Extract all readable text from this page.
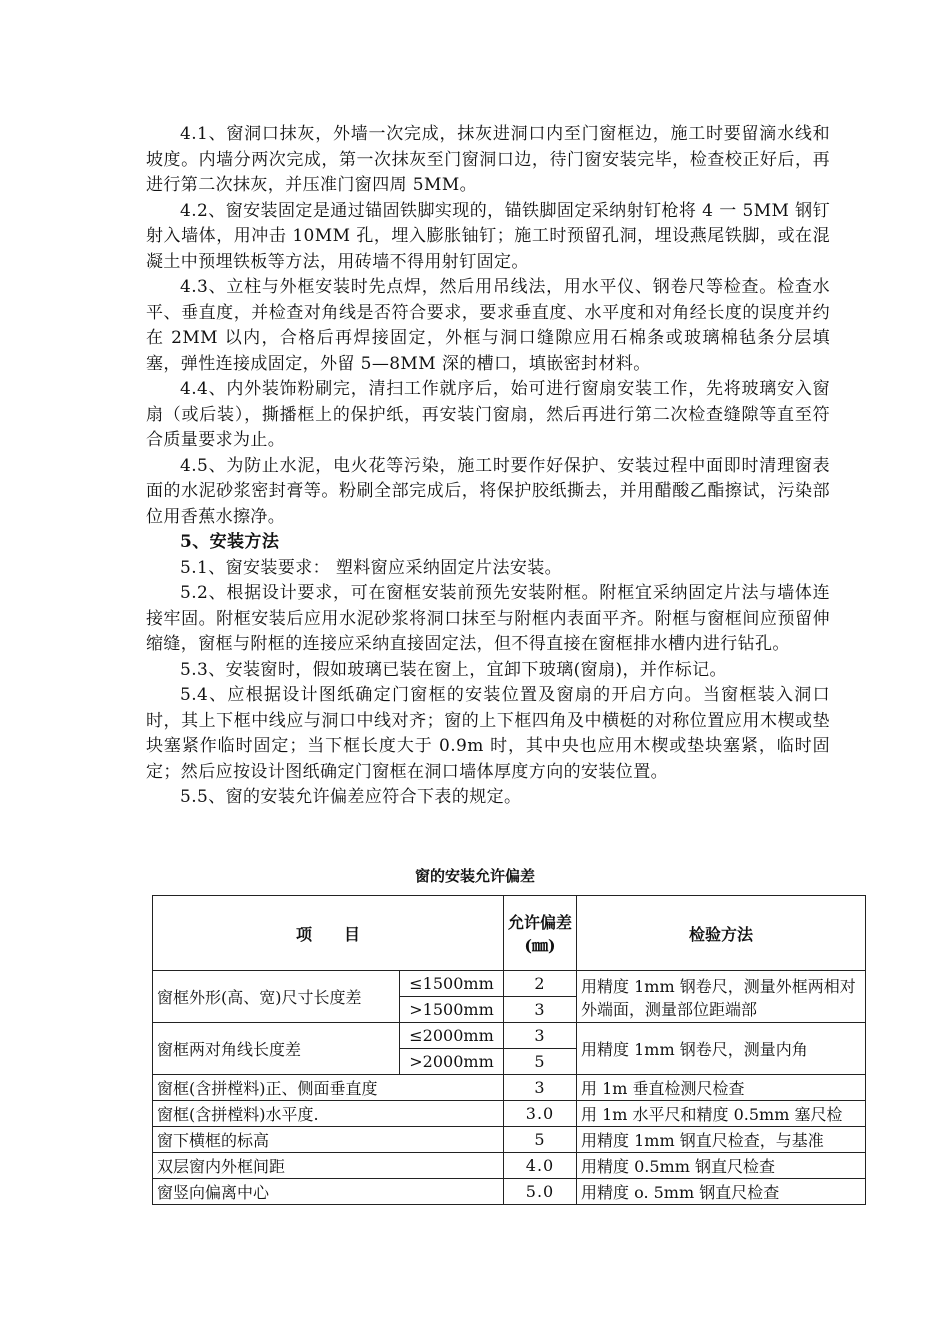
4.1、窗洞口抹灰，外墙一次完成，抹灰进洞口内至门窗框边，施工时要留滴水线和坡度。内墙分两次完成，第一次抹灰至门窗洞口边，待门窗安装完毕，检查校正好后，再进行第二次抹灰，并压准门窗四周 5MM。

4.2、窗安装固定是通过锚固铁脚实现的，锚铁脚固定采纳射钉枪将 4 一 5MM 钢钉射入墙体，用冲击 10MM 孔，埋入膨胀铀钉；施工时预留孔洞，埋设燕尾铁脚，或在混凝土中预埋铁板等方法，用砖墙不得用射钉固定。

4.3、立柱与外框安装时先点焊，然后用吊线法，用水平仪、钢卷尺等检查。检查水平、垂直度，并检查对角线是否符合要求，要求垂直度、水平度和对角经长度的误度并约在 2MM 以内，合格后再焊接固定，外框与洞口缝隙应用石棉条或玻璃棉毡条分层填塞，弹性连接成固定，外留 5—8MM 深的槽口，填嵌密封材料。

4.4、内外装饰粉刷完，清扫工作就序后，始可进行窗扇安装工作，先将玻璃安入窗扇（或后装），撕播框上的保护纸，再安装门窗扇，然后再进行第二次检查缝隙等直至符合质量要求为止。

4.5、为防止水泥，电火花等污染，施工时要作好保护、安装过程中面即时清理窗表面的水泥砂浆密封膏等。粉刷全部完成后，将保护胶纸撕去，并用醋酸乙酯擦试，污染部位用香蕉水擦净。

5、安装方法

5.1、窗安装要求： 塑料窗应采纳固定片法安装。

5.2、根据设计要求，可在窗框安装前预先安装附框。附框宜采纳固定片法与墙体连接牢固。附框安装后应用水泥砂浆将洞口抹至与附框内表面平齐。附框与窗框间应预留伸缩缝，窗框与附框的连接应采纳直接固定法，但不得直接在窗框排水槽内进行钻孔。

5.3、安装窗时，假如玻璃已装在窗上，宜卸下玻璃(窗扇)，并作标记。

5.4、应根据设计图纸确定门窗框的安装位置及窗扇的开启方向。当窗框装入洞口时，其上下框中线应与洞口中线对齐；窗的上下框四角及中横梃的对称位置应用木楔或垫块塞紧作临时固定；当下框长度大于 0.9m 时，其中央也应用木楔或垫块塞紧，临时固定；然后应按设计图纸确定门窗框在洞口墙体厚度方向的安装位置。

5.5、窗的安装允许偏差应符合下表的规定。

窗的安装允许偏差
项　　目		允许偏差(㎜)	检验方法
窗框外形(高、宽)尺寸长度差	≤1500mm	2	用精度 1mm 钢卷尺，测量外框两相对外端面，测量部位距端部
	>1500mm	3	
窗框两对角线长度差	≤2000mm	3	用精度 1mm 钢卷尺，测量内角
	>2000mm	5	
窗框(含拼樘料)正、侧面垂直度		3	用 1m 垂直检测尺检查
窗框(含拼樘料)水平度.		3.0	用 1m 水平尺和精度 0.5mm 塞尺检
窗下横框的标高		5	用精度 1mm 钢直尺检查，与基准
双层窗内外框间距		4.0	用精度 0.5mm 钢直尺检查
窗竖向偏离中心		5.0	用精度 o. 5mm 钢直尺检查
